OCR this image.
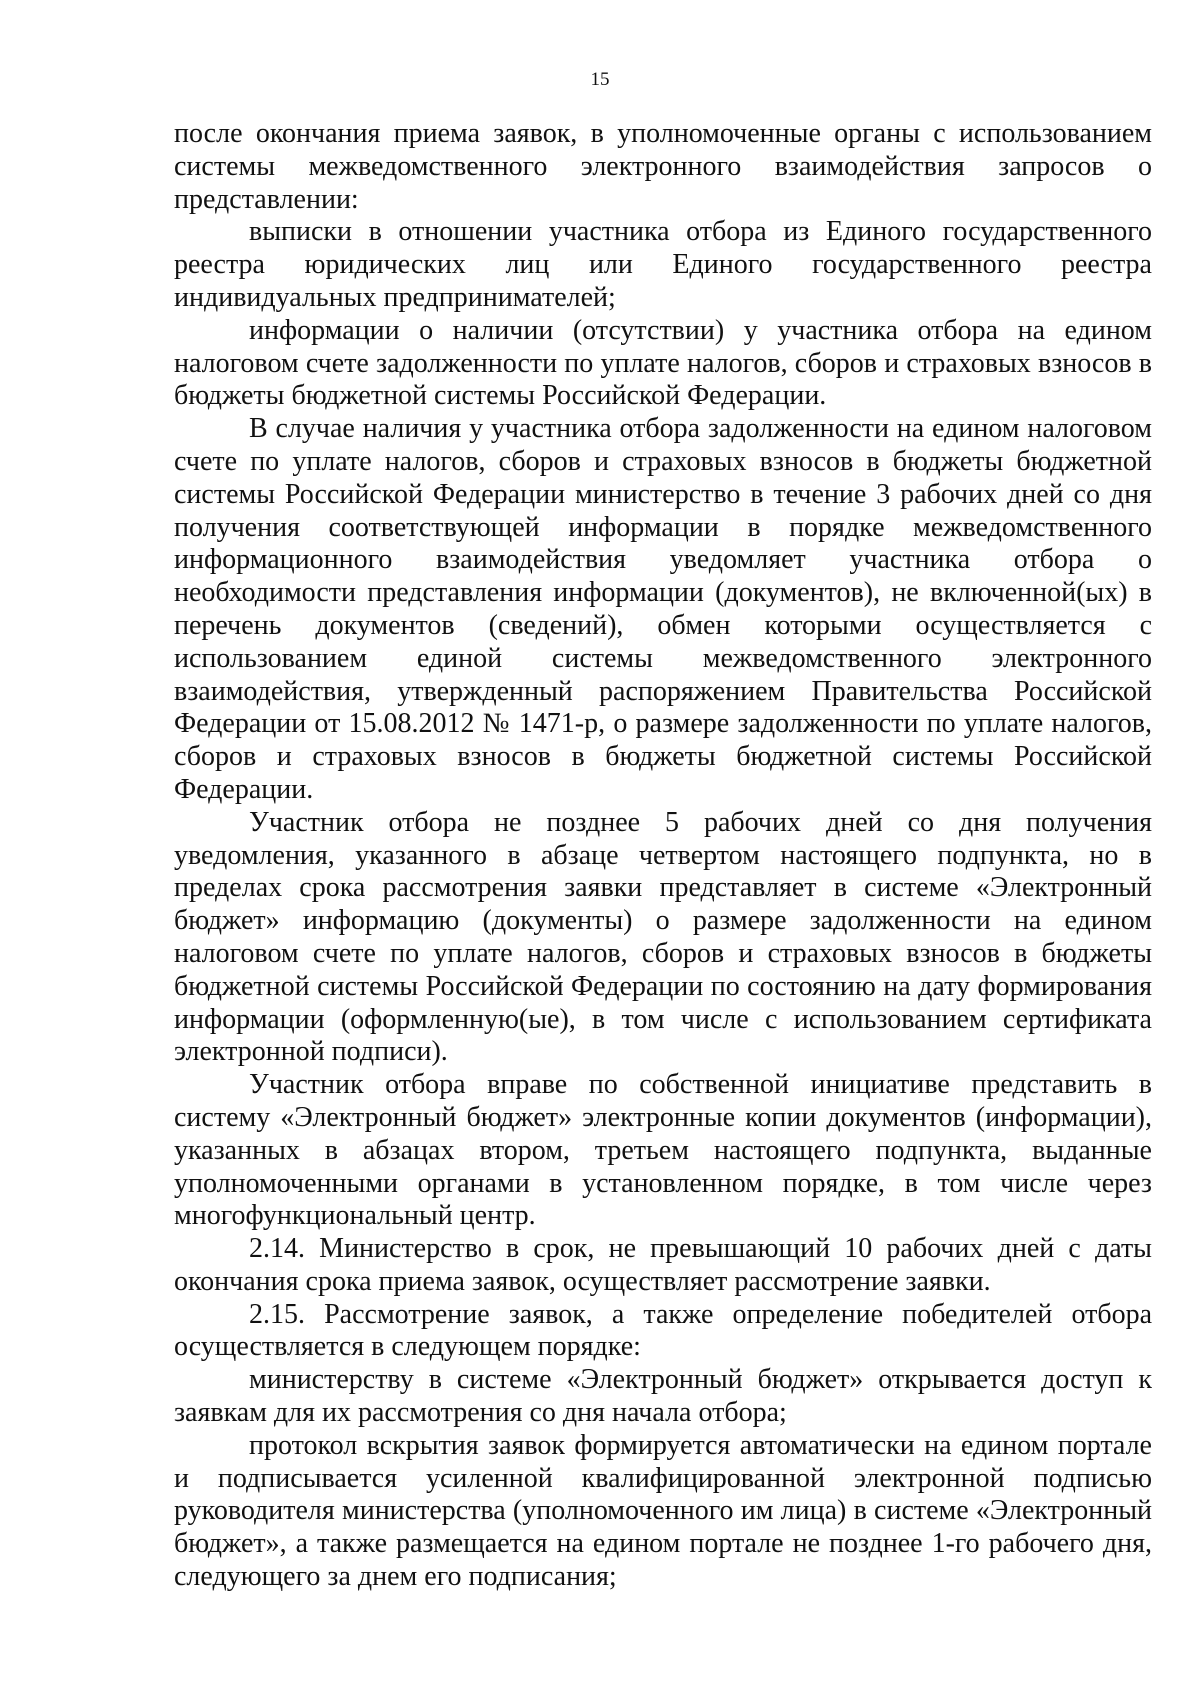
15

после окончания приема заявок, в уполномоченные органы с использованием системы межведомственного электронного взаимодействия запросов о представлении:

выписки в отношении участника отбора из Единого государственного реестра юридических лиц или Единого государственного реестра индивидуальных предпринимателей;

информации о наличии (отсутствии) у участника отбора на едином налоговом счете задолженности по уплате налогов, сборов и страховых взносов в бюджеты бюджетной системы Российской Федерации.

В случае наличия у участника отбора задолженности на едином налоговом счете по уплате налогов, сборов и страховых взносов в бюджеты бюджетной системы Российской Федерации министерство в течение 3 рабочих дней со дня получения соответствующей информации в порядке межведомственного информационного взаимодействия уведомляет участника отбора о необходимости представления информации (документов), не включенной(ых) в перечень документов (сведений), обмен которыми осуществляется с использованием единой системы межведомственного электронного взаимодействия, утвержденный распоряжением Правительства Российской Федерации от 15.08.2012 № 1471-р, о размере задолженности по уплате налогов, сборов и страховых взносов в бюджеты бюджетной системы Российской Федерации.

Участник отбора не позднее 5 рабочих дней со дня получения уведомления, указанного в абзаце четвертом настоящего подпункта, но в пределах срока рассмотрения заявки представляет в системе «Электронный бюджет» информацию (документы) о размере задолженности на едином налоговом счете по уплате налогов, сборов и страховых взносов в бюджеты бюджетной системы Российской Федерации по состоянию на дату формирования информации (оформленную(ые), в том числе с использованием сертификата электронной подписи).

Участник отбора вправе по собственной инициативе представить в систему «Электронный бюджет» электронные копии документов (информации), указанных в абзацах втором, третьем настоящего подпункта, выданные уполномоченными органами в установленном порядке, в том числе через многофункциональный центр.

2.14. Министерство в срок, не превышающий 10 рабочих дней с даты окончания срока приема заявок, осуществляет рассмотрение заявки.

2.15. Рассмотрение заявок, а также определение победителей отбора осуществляется в следующем порядке:

министерству в системе «Электронный бюджет» открывается доступ к заявкам для их рассмотрения со дня начала отбора;

протокол вскрытия заявок формируется автоматически на едином портале и подписывается усиленной квалифицированной электронной подписью руководителя министерства (уполномоченного им лица) в системе «Электронный бюджет», а также размещается на едином портале не позднее 1-го рабочего дня, следующего за днем его подписания;
